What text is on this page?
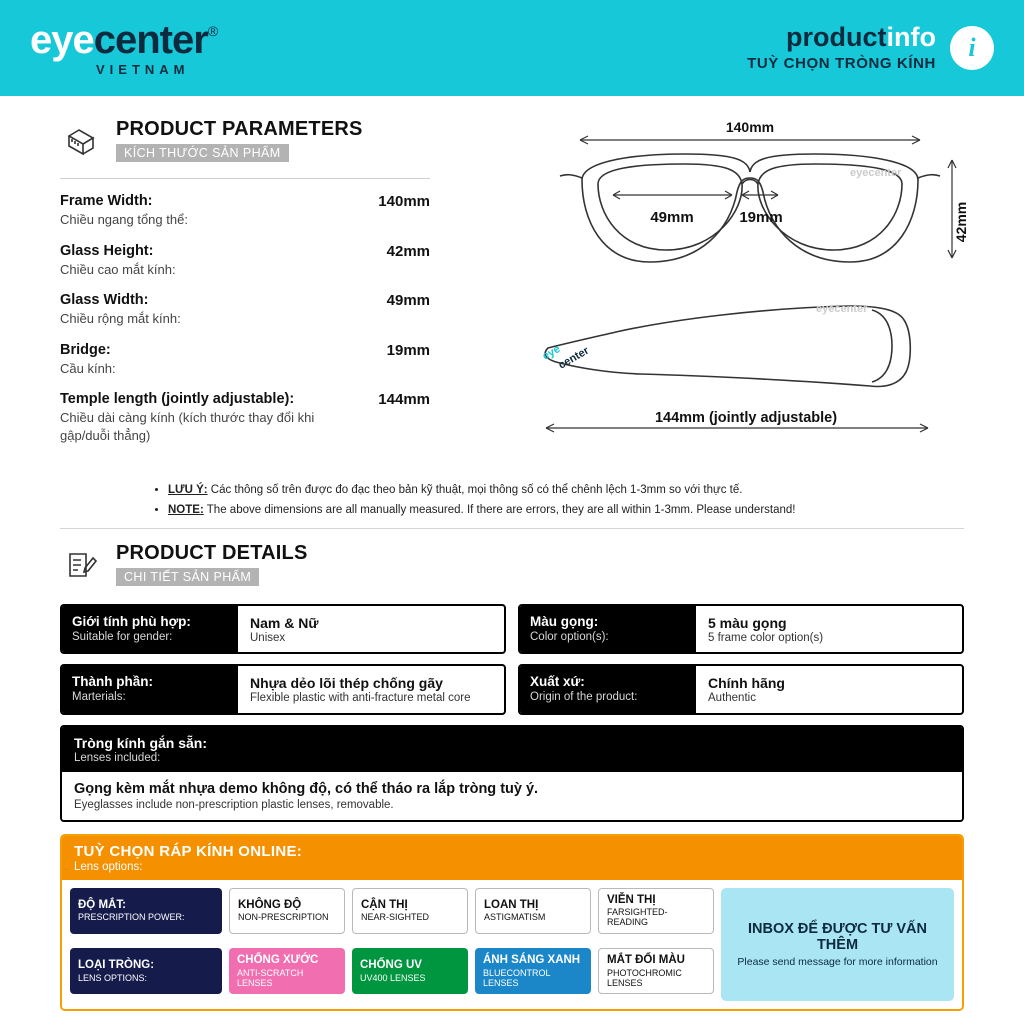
eye center ®
VIETNAM
productinfo
TUỲ CHỌN TRÒNG KÍNH
i
PRODUCT PARAMETERS
KÍCH THƯỚC SẢN PHẨM
Frame Width:
Chiều ngang tổng thể:
140mm
Glass Height:
Chiều cao mắt kính:
42mm
Glass Width:
Chiều rộng mắt kính:
49mm
Bridge:
Cầu kính:
19mm
Temple length (jointly adjustable):
Chiều dài càng kính (kích thước thay đổi khi gập/duỗi thẳng)
144mm
140mm
eyecenter
49mm	19mm	42mm
eyecenter
eye
center
144mm (jointly adjustable)
• LƯU Ý: Các thông số trên được đo đạc theo bản kỹ thuật, mọi thông số có thể chênh lệch 1-3mm so với thực tế.
• NOTE: The above dimensions are all manually measured. If there are errors, they are all within 1-3mm. Please understand!
PRODUCT DETAILS
CHI TIẾT SẢN PHẨM
Giới tính phù hợp:
Suitable for gender:
Nam & Nữ
Unisex
Màu gọng:
Color option(s):
5 màu gọng
5 frame color option(s)
Thành phần:
Marterials:
Nhựa dẻo lõi thép chống gãy
Flexible plastic with anti-fracture metal core
Xuất xứ:
Origin of the product:
Chính hãng
Authentic
Tròng kính gắn sẵn:
Lenses included:
Gọng kèm mắt nhựa demo không độ, có thể tháo ra lắp tròng tuỳ ý.
Eyeglasses include non-prescription plastic lenses, removable.
TUỲ CHỌN RÁP KÍNH ONLINE:
Lens options:
ĐỘ MẮT:
PRESCRIPTION POWER:
KHÔNG ĐỘ
NON-PRESCRIPTION
CẬN THỊ
NEAR-SIGHTED
LOAN THỊ
ASTIGMATISM
VIỄN THỊ
FARSIGHTED-READING
LOẠI TRÒNG:
LENS OPTIONS:
CHỐNG XƯỚC
ANTI-SCRATCH LENSES
CHỐNG UV
UV400 LENSES
ÁNH SÁNG XANH
BLUECONTROL LENSES
MẮT ĐỔI MÀU
PHOTOCHROMIC LENSES
INBOX ĐỂ ĐƯỢC TƯ VẤN THÊM
Please send message for more information
